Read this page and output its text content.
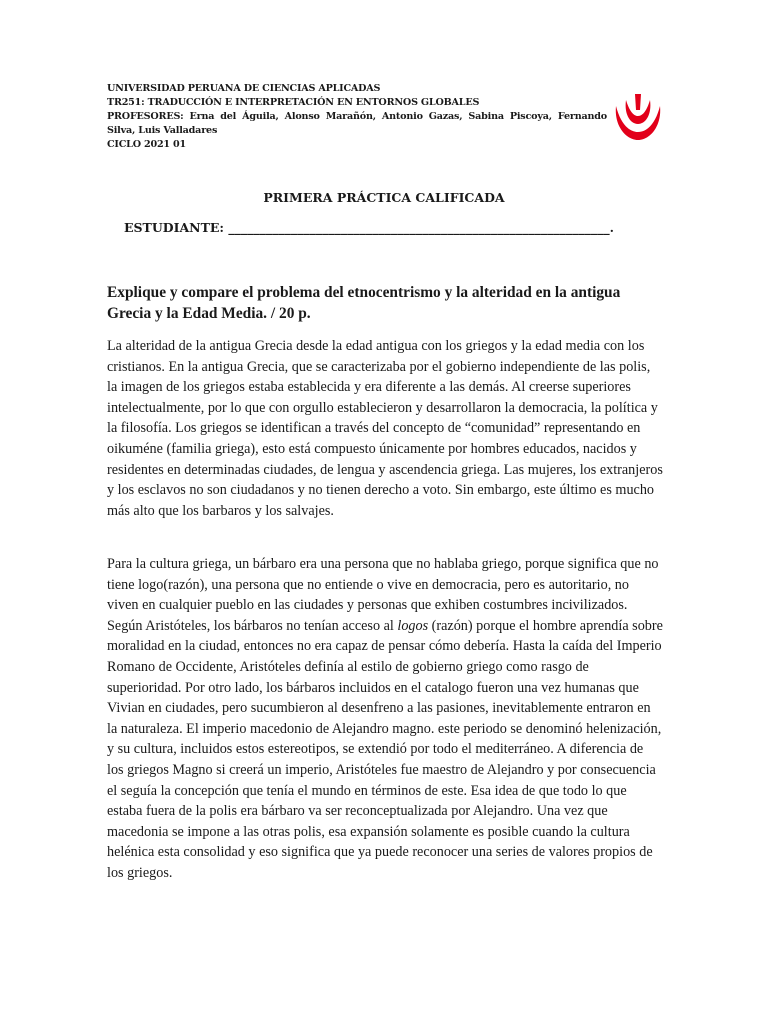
UNIVERSIDAD PERUANA DE CIENCIAS APLICADAS
TR251: TRADUCCIÓN E INTERPRETACIÓN EN ENTORNOS GLOBALES
PROFESORES: Erna del Águila, Alonso Marañón, Antonio Gazas, Sabina Piscoya, Fernando Silva, Luis Valladares
CICLO 2021 01
PRIMERA PRÁCTICA CALIFICADA
ESTUDIANTE: _____________________________________________________________.
Explique y compare el problema del etnocentrismo y la alteridad en la antigua Grecia y la Edad Media. / 20 p.
La alteridad de la antigua Grecia desde la edad antigua con los griegos y la edad media con los cristianos. En la antigua Grecia, que se caracterizaba por el gobierno independiente de las polis, la imagen de los griegos estaba establecida y era diferente a las demás. Al creerse superiores intelectualmente, por lo que con orgullo establecieron y desarrollaron la democracia, la política y la filosofía. Los griegos se identifican a través del concepto de “comunidad” representando en oikuméne (familia griega), esto está compuesto únicamente por hombres educados, nacidos y residentes en determinadas ciudades, de lengua y ascendencia griega. Las mujeres, los extranjeros y los esclavos no son ciudadanos y no tienen derecho a voto. Sin embargo, este último es mucho más alto que los barbaros y los salvajes.
Para la cultura griega, un bárbaro era una persona que no hablaba griego, porque significa que no tiene logo(razón), una persona que no entiende o vive en democracia, pero es autoritario, no viven en cualquier pueblo en las ciudades y personas que exhiben costumbres incivilizados. Según Aristóteles, los bárbaros no tenían acceso al logos (razón) porque el hombre aprendía sobre moralidad en la ciudad, entonces no era capaz de pensar cómo debería. Hasta la caída del Imperio Romano de Occidente, Aristóteles definía al estilo de gobierno griego como rasgo de superioridad. Por otro lado, los bárbaros incluidos en el catalogo fueron una vez humanas que Vivian en ciudades, pero sucumbieron al desenfreno a las pasiones, inevitablemente entraron en la naturaleza. El imperio macedonio de Alejandro magno. este periodo se denominó helenización, y su cultura, incluidos estos estereotipos, se extendió por todo el mediterráneo. A diferencia de los griegos Magno si creerá un imperio, Aristóteles fue maestro de Alejandro y por consecuencia el seguía la concepción que tenía el mundo en términos de este. Esa idea de que todo lo que estaba fuera de la polis era bárbaro va ser reconceptualizada por Alejandro. Una vez que macedonia se impone a las otras polis, esa expansión solamente es posible cuando la cultura helénica esta consolidad y eso significa que ya puede reconocer una series de valores propios de los griegos.
